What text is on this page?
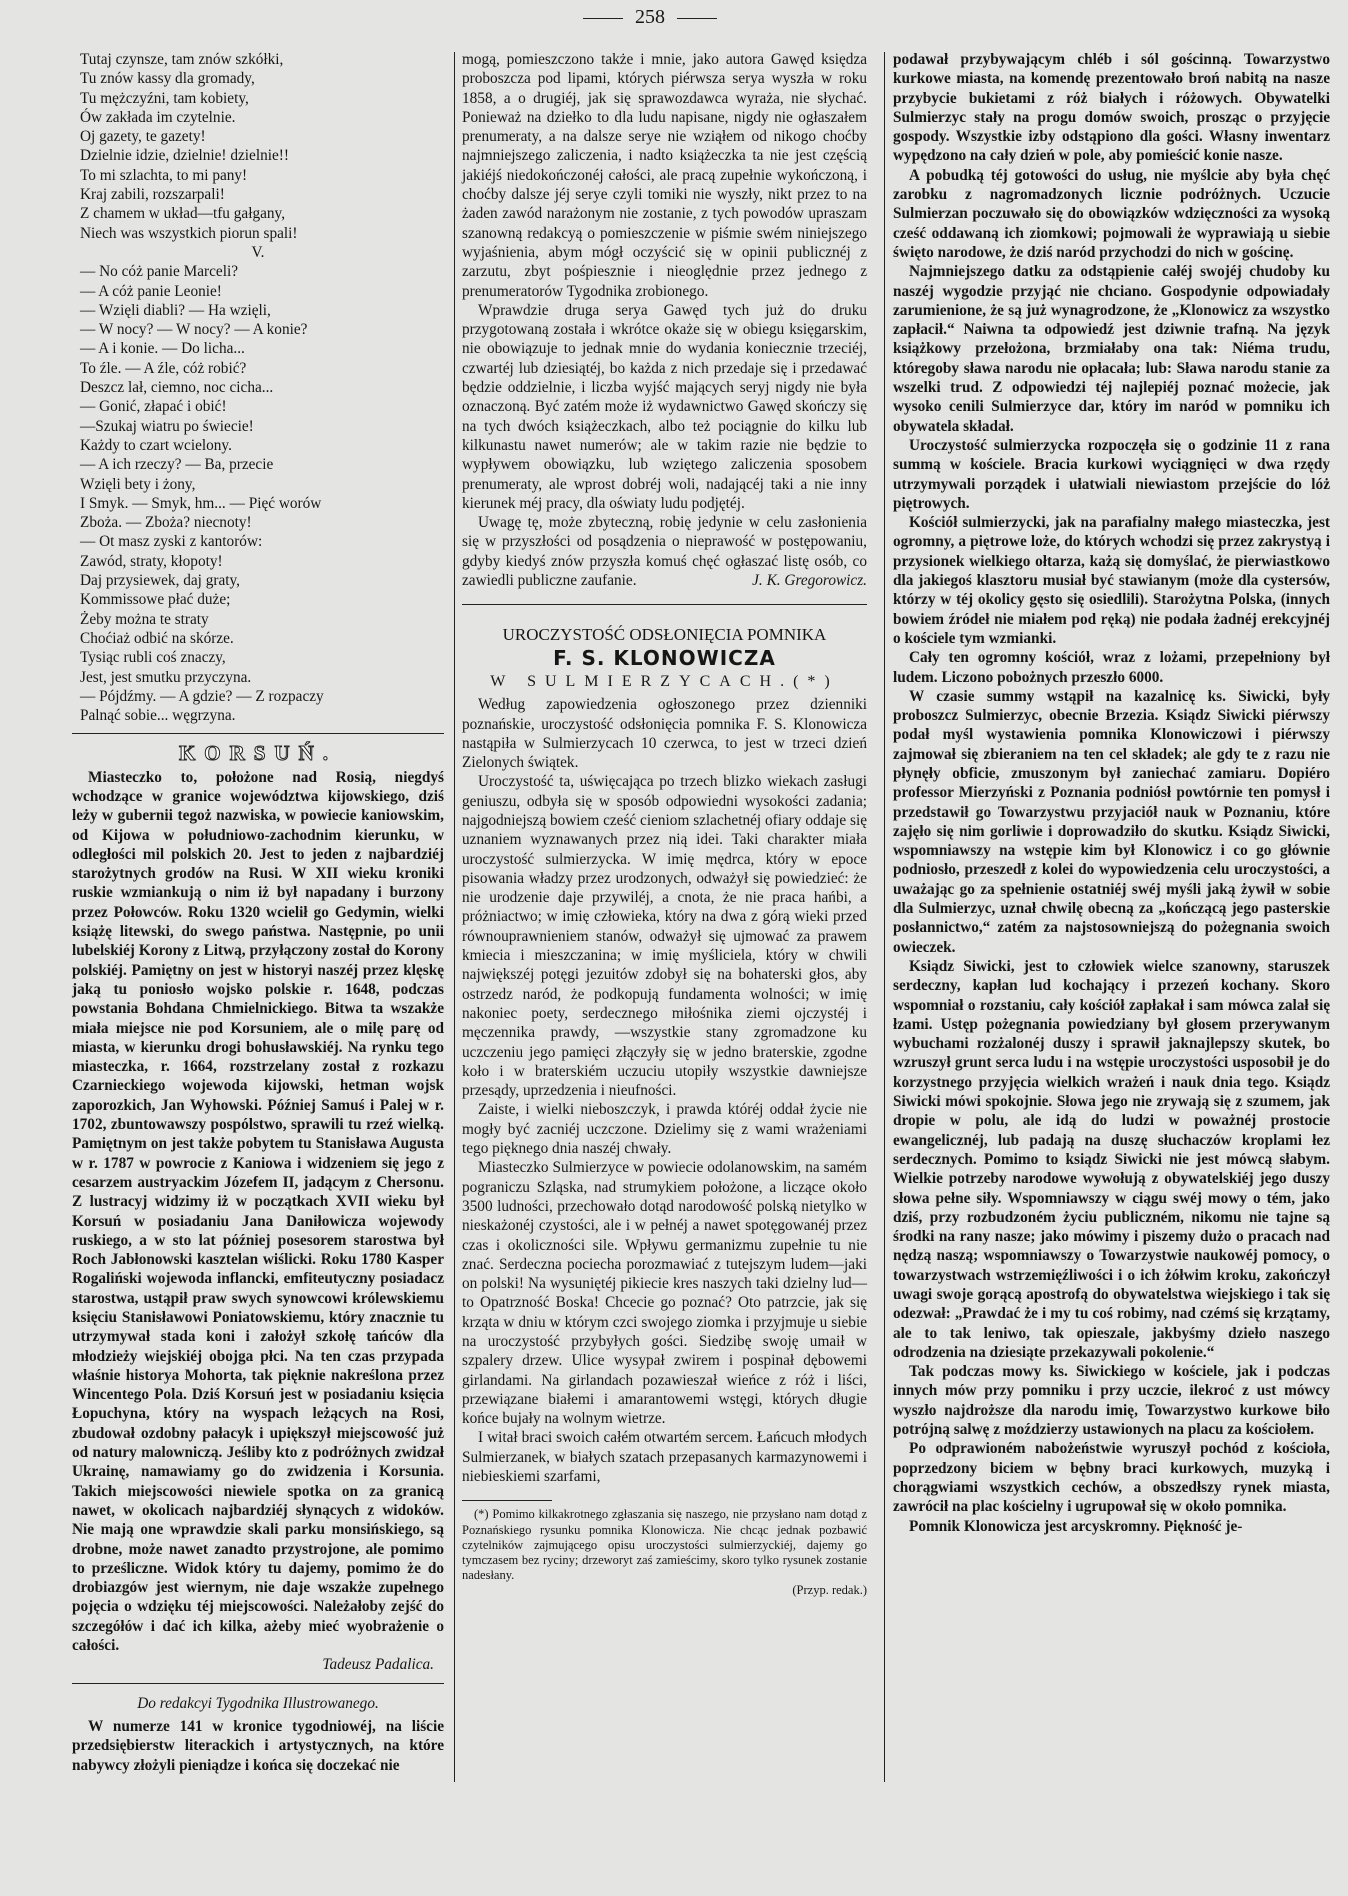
258
Tutaj czynsze, tam znów szkółki,
Tu znów kassy dla gromady,
Tu mężczyźni, tam kobiety,
Ów zakłada im czytelnie.
Oj gazety, te gazety!
Dzielnie idzie, dzielnie! dzielnie!!
To mi szlachta, to mi pany!
Kraj zabili, rozszarpali!
Z chamem w układ—tfu gałgany,
Niech was wszystkich piorun spali!
V.
— No cóż panie Marceli?
— A cóż panie Leonie!
— Wzięli diabli? — Ha wzięli,
— W nocy? — W nocy? — A konie?
— A i konie. — Do licha...
To źle. — A źle, cóż robić?
Deszcz lał, ciemno, noc cicha...
— Gonić, złapać i obić!
—Szukaj wiatru po świecie!
Każdy to czart wcielony.
— A ich rzeczy? — Ba, przecie
Wzięli bety i żony,
I Smyk. — Smyk, hm... — Pięć worów
Zboża. — Zboża? niecnoty!
— Ot masz zyski z kantorów:
Zawód, straty, kłopoty!
Daj przysiewek, daj graty,
Kommissowe płać duże;
Żeby można te straty
Choćiaż odbić na skórze.
Tysiąc rubli coś znaczy,
Jest, jest smutku przyczyna.
— Pójdźmy. — A gdzie? — Z rozpaczy
Palnąć sobie... węgrzyna.
KORSUŃ.

Miasteczko to, położone nad Rosią, niegdyś wchodzące w granice województwa kijowskiego, dziś leży w gubernii tegoż nazwiska, w powiecie kaniowskim, od Kijowa w południowo-zachodnim kierunku, w odległości mil polskich 20. Jest to jeden z najbardziéj starożytnych grodów na Rusi. W XII wieku kroniki ruskie wzmiankują o nim iż był napadany i burzony przez Połowców. Roku 1320 wcielił go Gedymin, wielki książę litewski, do swego państwa. Następnie, po unii lubelskiéj Korony z Litwą, przyłączony został do Korony polskiéj. Pamiętny on jest w historyi naszéj przez klęskę jaką tu poniosło wojsko polskie r. 1648, podczas powstania Bohdana Chmielnickiego. Bitwa ta wszakże miała miejsce nie pod Korsuniem, ale o milę parę od miasta, w kierunku drogi bohusławskiéj. Na rynku tego miasteczka, r. 1664, rozstrzelany został z rozkazu Czarnieckiego wojewoda kijowski, hetman wojsk zaporozkich, Jan Wyhowski. Później Samuś i Palej w r. 1702, zbuntowawszy pospólstwo, sprawili tu rzeź wielką. Pamiętnym on jest także pobytem tu Stanisława Augusta w r. 1787 w powrocie z Kaniowa i widzeniem się jego z cesarzem austryackim Józefem II, jadącym z Chersonu. Z lustracyj widzimy iż w początkach XVII wieku był Korsuń w posiadaniu Jana Daniłowicza wojewody ruskiego, a w sto lat później posesorem starostwa był Roch Jabłonowski kasztelan wiślicki. Roku 1780 Kasper Rogaliński wojewoda inflancki, emfiteutyczny posiadacz starostwa, ustąpił praw swych synowcowi królewskiemu księciu Stanisławowi Poniatowskiemu, który znacznie tu utrzymywał stada koni i założył szkołę tańców dla młodzieży wiejskiéj obojga płci. Na ten czas przypada właśnie historya Mohorta, tak pięknie nakreślona przez Wincentego Pola. Dziś Korsuń jest w posiadaniu księcia Łopuchyna, który na wyspach leżących na Rosi, zbudował ozdobny pałacyk i upiększył miejscowość już od natury malowniczą. Jeśliby kto z podróżnych zwidzał Ukrainę, namawiamy go do zwidzenia i Korsunia. Takich miejscowości niewiele spotka on za granicą nawet, w okolicach najbardziéj słynących z widoków. Nie mają one wprawdzie skali parku monsińskiego, są drobne, może nawet zanadto przystrojone, ale pomimo to prześliczne. Widok który tu dajemy, pomimo że do drobiazgów jest wiernym, nie daje wszakże zupełnego pojęcia o wdzięku téj miejscowości. Należałoby zejść do szczegółów i dać ich kilka, ażeby mieć wyobrażenie o całości.

Tadeusz Padalica.
Do redakcyi Tygodnika Illustrowanego.

W numerze 141 w kronice tygodniowéj, na liście przedsiębierstw literackich i artystycznych, na które nabywcy złożyli pieniądze i końca się doczekać nie

mogą, pomieszczono także i mnie, jako autora Gawęd księdza proboszcza pod lipami, których piérwsza serya wyszła w roku 1858, a o drugiéj, jak się sprawozdawca wyraża, nie słychać. Ponieważ na dziełko to dla ludu napisane, nigdy nie ogłaszałem prenumeraty, a na dalsze serye nie wziąłem od nikogo choćby najmniejszego zaliczenia, i nadto książeczka ta nie jest częścią jakiéjś niedokończonéj całości, ale pracą zupełnie wykończoną, i choćby dalsze jéj serye czyli tomiki nie wyszły, nikt przez to na żaden zawód narażonym nie zostanie, z tych powodów upraszam szanowną redakcyą o pomieszczenie w piśmie swém niniejszego wyjaśnienia, abym mógł oczyścić się w opinii publicznéj z zarzutu, zbyt pośpiesznie i nieoględnie przez jednego z prenumeratorów Tygodnika zrobionego.

Wprawdzie druga serya Gawęd tych już do druku przygotowaną została i wkrótce okaże się w obiegu księgarskim, nie obowiązuje to jednak mnie do wydania koniecznie trzeciéj, czwartéj lub dziesiątéj, bo każda z nich przedaje się i przedawać będzie oddzielnie, i liczba wyjść mających seryj nigdy nie była oznaczoną. Być zatém może iż wydawnictwo Gawęd skończy się na tych dwóch książeczkach, albo też pociągnie do kilku lub kilkunastu nawet numerów; ale w takim razie nie będzie to wypływem obowiązku, lub wziętego zaliczenia sposobem prenumeraty, ale wprost dobréj woli, nadającéj taki a nie inny kierunek méj pracy, dla oświaty ludu podjętéj.

Uwagę tę, może zbyteczną, robię jedynie w celu zasłonienia się w przyszłości od posądzenia o nieprawość w postępowaniu, gdyby kiedyś znów przyszła komuś chęć ogłaszać listę osób, co zawiedli publiczne zaufanie.	J. K. Gregorowicz.
UROCZYSTOŚĆ ODSŁONIĘCIA POMNIKA
F. S. KLONOWICZA
W SULMIERZYCACH.(*)

Według zapowiedzenia ogłoszonego przez dzienniki poznańskie, uroczystość odsłonięcia pomnika F. S. Klonowicza nastąpiła w Sulmierzycach 10 czerwca, to jest w trzeci dzień Zielonych świątek.

Uroczystość ta, uświęcająca po trzech blizko wiekach zasługi geniuszu, odbyła się w sposób odpowiedni wysokości zadania; najgodniejszą bowiem cześć cieniom szlachetnéj ofiary oddaje się uznaniem wyznawanych przez nią idei. Taki charakter miała uroczystość sulmierzycka. W imię mędrca, który w epoce pisowania władzy przez urodzonych, odważył się powiedzieć: że nie urodzenie daje przywiléj, a cnota, że nie praca hańbi, a próżniactwo; w imię człowieka, który na dwa z górą wieki przed równouprawnieniem stanów, odważył się ujmować za prawem kmiecia i mieszczanina; w imię myśliciela, który w chwili największéj potęgi jezuitów zdobył się na bohaterski głos, aby ostrzedz naród, że podkopują fundamenta wolności; w imię nakoniec poety, serdecznego miłośnika ziemi ojczystéj i męczennika prawdy, —wszystkie stany zgromadzone ku uczczeniu jego pamięci złączyły się w jedno braterskie, zgodne koło i w braterskiém uczuciu utopiły wszystkie dawniejsze przesądy, uprzedzenia i nieufności.

Zaiste, i wielki nieboszczyk, i prawda któréj oddał życie nie mogły być zacniéj uczczone. Dzielimy się z wami wrażeniami tego pięknego dnia naszéj chwały.

Miasteczko Sulmierzyce w powiecie odolanowskim, na samém pograniczu Szląska, nad strumykiem położone, a liczące około 3500 ludności, przechowało dotąd narodowość polską nietylko w nieskażonéj czystości, ale i w pełnéj a nawet spotęgowanéj przez czas i okoliczności sile. Wpływu germanizmu zupełnie tu nie znać. Serdeczna pociecha porozmawiać z tutejszym ludem—jaki on polski! Na wysuniętéj pikiecie kres naszych taki dzielny lud—to Opatrzność Boska! Chcecie go poznać? Oto patrzcie, jak się krząta w dniu w którym czci swojego ziomka i przyjmuje u siebie na uroczystość przybyłych gości. Siedzibę swoję umaił w szpalery drzew. Ulice wysypał zwirem i pospinał dębowemi girlandami. Na girlandach pozawieszał wieńce z róż i liści, przewiązane białemi i amarantowemi wstęgi, których długie końce bujały na wolnym wietrze.

I witał braci swoich całém otwartém sercem. Łańcuch młodych Sulmierzanek, w białych szatach przepasanych karmazynowemi i niebieskiemi szarfami,

(*) Pomimo kilkakrotnego zgłaszania się naszego, nie przysłano nam dotąd z Poznańskiego rysunku pomnika Klonowicza. Nie chcąc jednak pozbawić czytelników zajmującego opisu uroczystości sulmierzyckiéj, dajemy go tymczasem bez ryciny; drzeworyt zaś zamieścimy, skoro tylko rysunek zostanie nadesłany.

(Przyp. redak.)

podawał przybywającym chléb i sól gościnną. Towarzystwo kurkowe miasta, na komendę prezentowało broń nabitą na nasze przybycie bukietami z róż białych i różowych. Obywatelki Sulmierzyc stały na progu domów swoich, prosząc o przyjęcie gospody. Wszystkie izby odstąpiono dla gości. Własny inwentarz wypędzono na cały dzień w pole, aby pomieścić konie nasze.

A pobudką téj gotowości do usług, nie myślcie aby była chęć zarobku z nagromadzonych licznie podróżnych. Uczucie Sulmierzan poczuwało się do obowiązków wdzięczności za wysoką cześć oddawaną ich ziomkowi; pojmowali że wyprawiają u siebie święto narodowe, że dziś naród przychodzi do nich w gościnę.

Najmniejszego datku za odstąpienie całéj swojéj chudoby ku naszéj wygodzie przyjąć nie chciano. Gospodynie odpowiadały zarumienione, że są już wynagrodzone, że „Klonowicz za wszystko zapłacił.“ Naiwna ta odpowiedź jest dziwnie trafną. Na język książkowy przełożona, brzmiałaby ona tak: Niéma trudu, któregoby sława narodu nie opłacała; lub: Sława narodu stanie za wszelki trud. Z odpowiedzi téj najlepiéj poznać możecie, jak wysoko cenili Sulmierzyce dar, który im naród w pomniku ich obywatela składał.

Uroczystość sulmierzycka rozpoczęła się o godzinie 11 z rana summą w kościele. Bracia kurkowi wyciągnięci w dwa rzędy utrzymywali porządek i ułatwiali niewiastom przejście do lóż piętrowych.

Kościół sulmierzycki, jak na parafialny małego miasteczka, jest ogromny, a piętrowe loże, do których wchodzi się przez zakrystyą i przysionek wielkiego ołtarza, każą się domyślać, że pierwiastkowo dla jakiegoś klasztoru musiał być stawianym (może dla cystersów, którzy w téj okolicy gęsto się osiedlili). Starożytna Polska, (innych bowiem źródeł nie miałem pod ręką) nie podała żadnéj erekcyjnéj o kościele tym wzmianki.

Cały ten ogromny kościół, wraz z lożami, przepełniony był ludem. Liczono pobożnych przeszło 6000.

W czasie summy wstąpił na kazalnicę ks. Siwicki, były proboszcz Sulmierzyc, obecnie Brzezia. Ksiądz Siwicki piérwszy podał myśl wystawienia pomnika Klonowiczowi i piérwszy zajmował się zbieraniem na ten cel składek; ale gdy te z razu nie płynęły obficie, zmuszonym był zaniechać zamiaru. Dopiéro professor Mierzyński z Poznania podniósł powtórnie ten pomysł i przedstawił go Towarzystwu przyjaciół nauk w Poznaniu, które zajęło się nim gorliwie i doprowadziło do skutku. Ksiądz Siwicki, wspomniawszy na wstępie kim był Klonowicz i co go głównie podniosło, przeszedł z kolei do wypowiedzenia celu uroczystości, a uważając go za spełnienie ostatniéj swéj myśli jaką żywił w sobie dla Sulmierzyc, uznał chwilę obecną za „kończącą jego pasterskie posłannictwo,“ zatém za najstosowniejszą do pożegnania swoich owieczek.

Ksiądz Siwicki, jest to człowiek wielce szanowny, staruszek serdeczny, kapłan lud kochający i przezeń kochany. Skoro wspomniał o rozstaniu, cały kościół zapłakał i sam mówca zalał się łzami. Ustęp pożegnania powiedziany był głosem przerywanym wybuchami rozżalonéj duszy i sprawił jaknajlepszy skutek, bo wzruszył grunt serca ludu i na wstępie uroczystości usposobił je do korzystnego przyjęcia wielkich wrażeń i nauk dnia tego. Ksiądz Siwicki mówi spokojnie. Słowa jego nie zrywają się z szumem, jak dropie w polu, ale idą do ludzi w poważnéj prostocie ewangelicznéj, lub padają na duszę słuchaczów kroplami łez serdecznych. Pomimo to ksiądz Siwicki nie jest mówcą słabym. Wielkie potrzeby narodowe wywołują z obywatelskiéj jego duszy słowa pełne siły. Wspomniawszy w ciągu swéj mowy o tém, jako dziś, przy rozbudzoném życiu publiczném, nikomu nie tajne są środki na rany nasze; jako mówimy i piszemy dużo o pracach nad nędzą naszą; wspomniawszy o Towarzystwie naukowéj pomocy, o towarzystwach wstrzemięźliwości i o ich żółwim kroku, zakończył uwagi swoje gorącą apostrofą do obywatelstwa wiejskiego i tak się odezwał: „Prawdać że i my tu coś robimy, nad czémś się krzątamy, ale to tak leniwo, tak opieszale, jakbyśmy dzieło naszego odrodzenia na dziesiąte przekazywali pokolenie.“

Tak podczas mowy ks. Siwickiego w kościele, jak i podczas innych mów przy pomniku i przy uczcie, ilekroć z ust mówcy wyszło najdroższe dla narodu imię, Towarzystwo kurkowe biło potrójną salwę z moździerzy ustawionych na placu za kościołem.

Po odprawioném nabożeństwie wyruszył pochód z kościoła, poprzedzony biciem w bębny braci kurkowych, muzyką i chorągwiami wszystkich cechów, a obszedłszy rynek miasta, zawrócił na plac kościelny i ugrupował się w około pomnika.

Pomnik Klonowicza jest arcyskromny. Piękność je-
